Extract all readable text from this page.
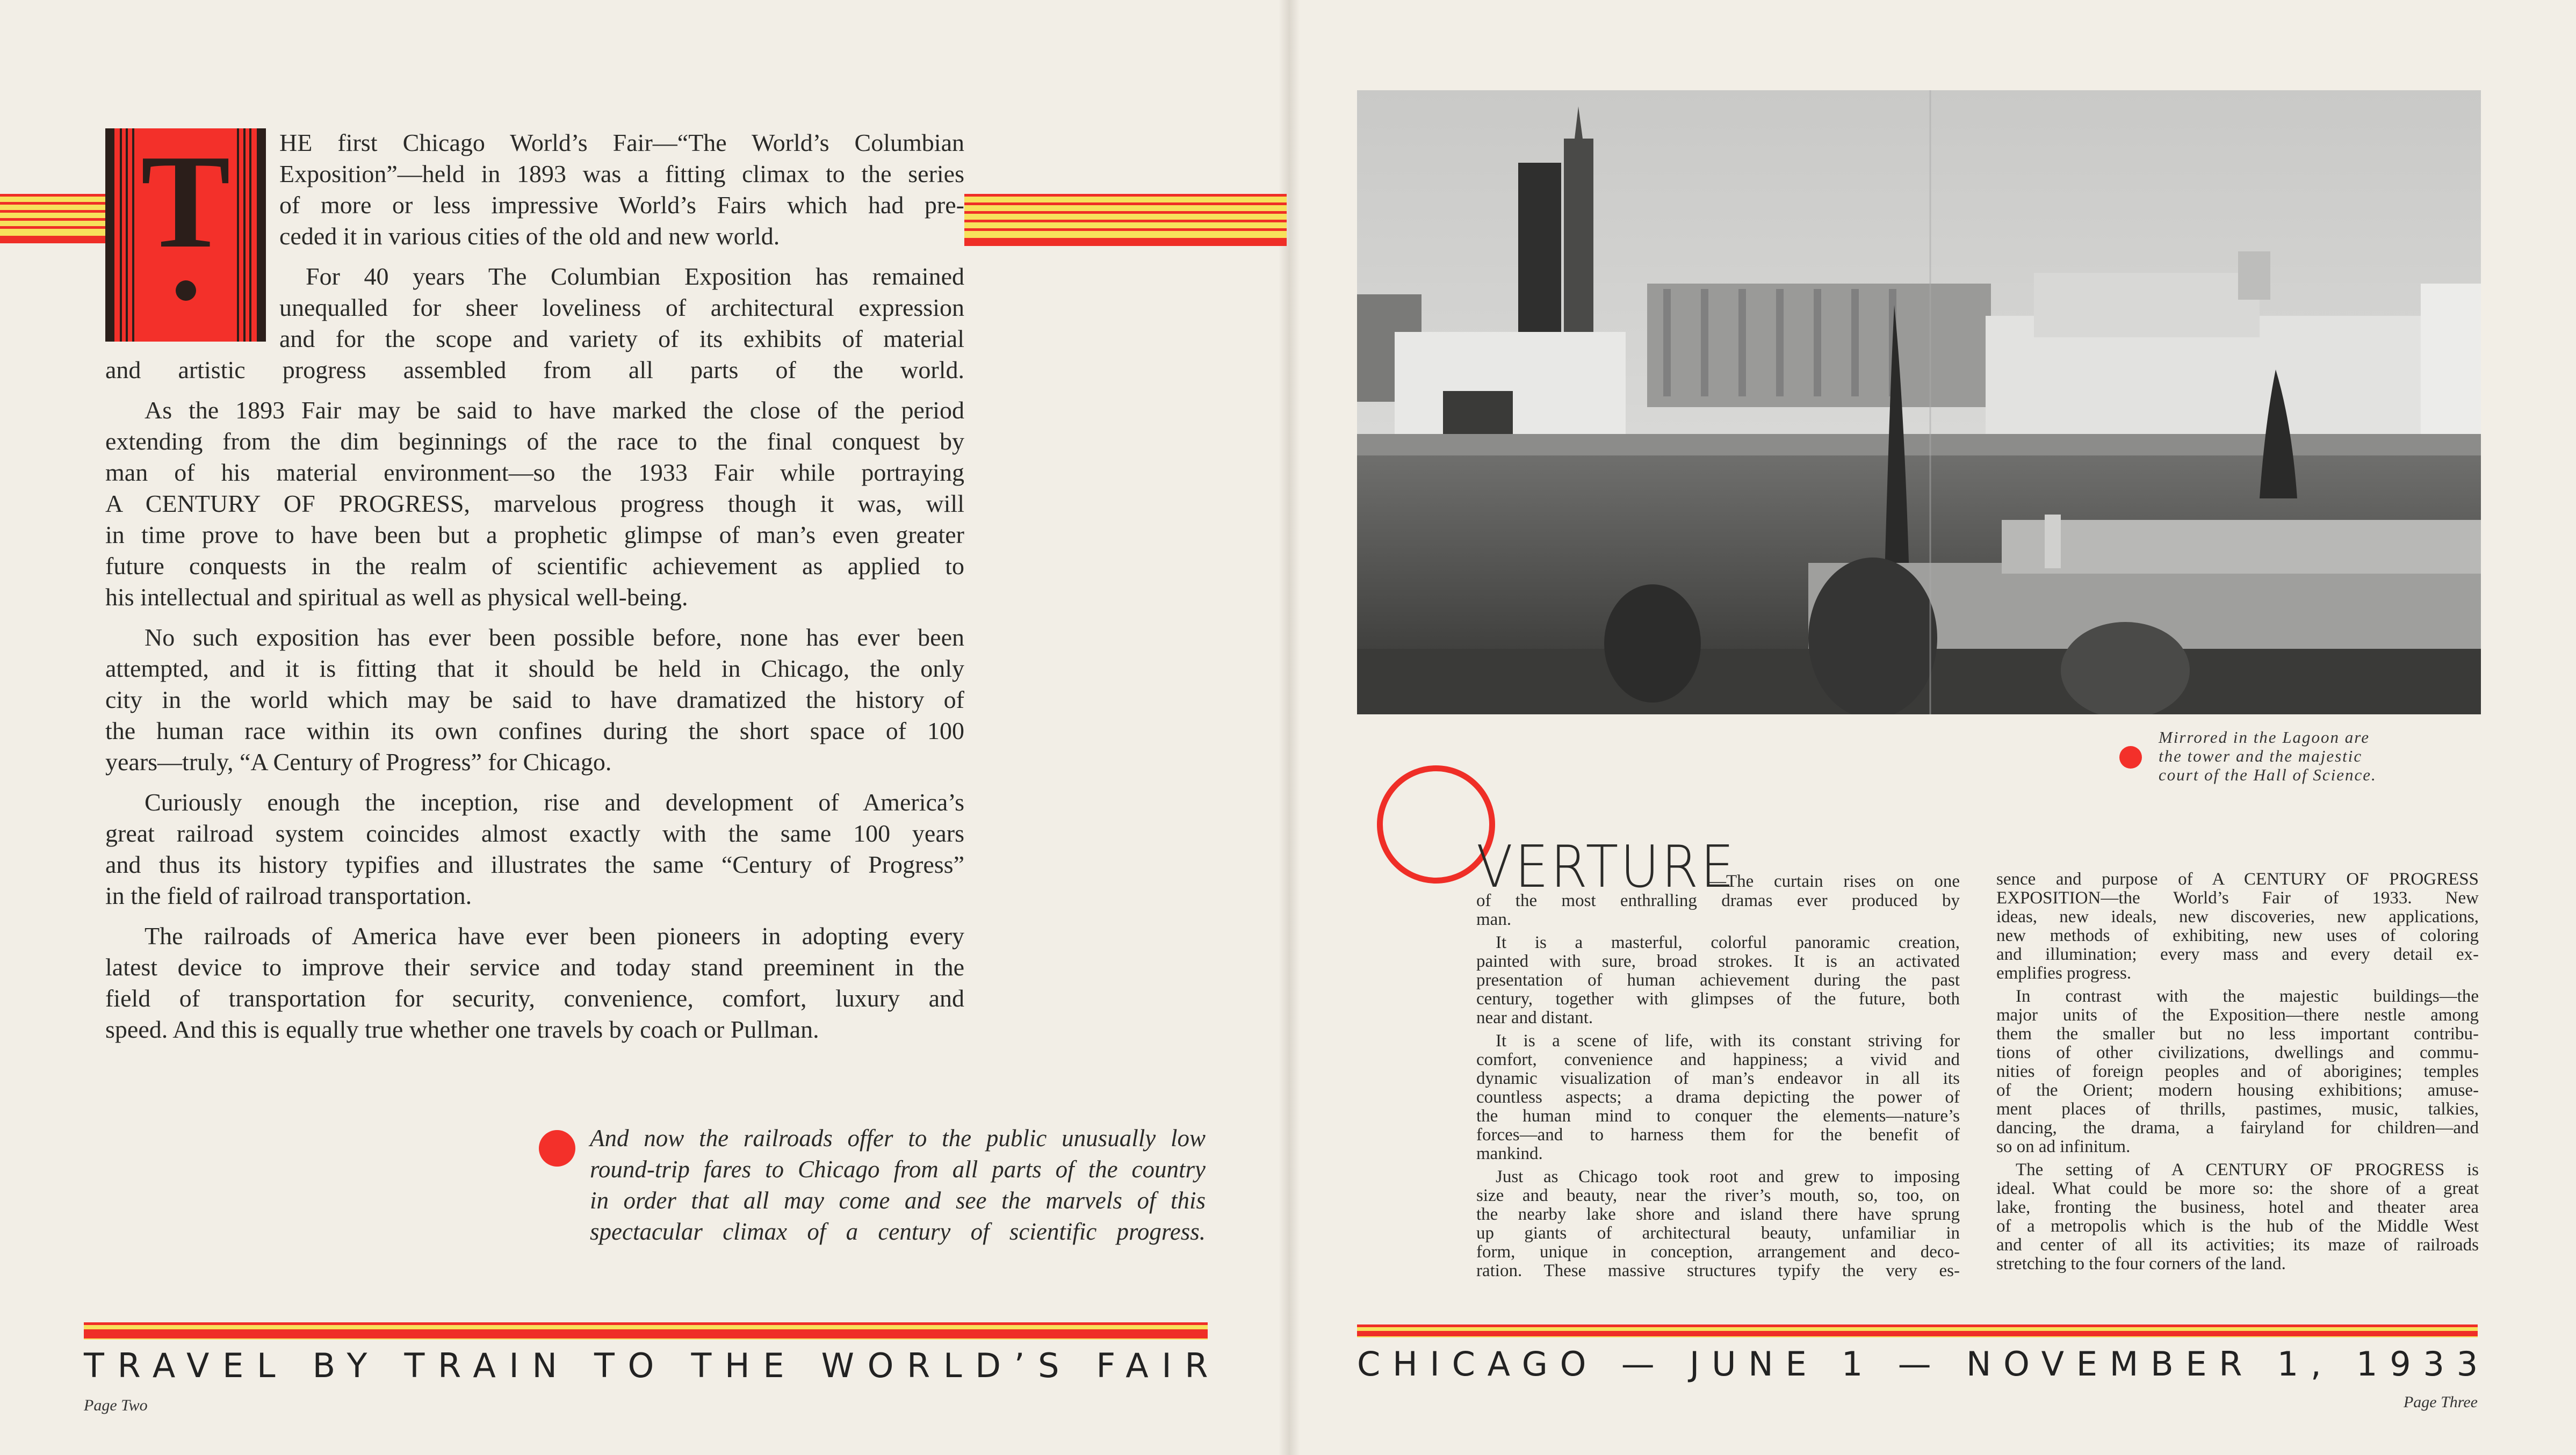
T	HE first Chicago World’s Fair—“The World’s Columbian
Exposition”—held in 1893 was a fitting climax to the series
of more or less impressive World’s Fairs which had pre-
ceded it in various cities of the old and new world.
For 40 years The Columbian Exposition has remained
unequalled for sheer loveliness of architectural expression
and for the scope and variety of its exhibits of material
and artistic progress assembled from all parts of the world.
As the 1893 Fair may be said to have marked the close of the period
extending from the dim beginnings of the race to the final conquest by
man of his material environment—so the 1933 Fair while portraying
A CENTURY OF PROGRESS, marvelous progress though it was, will
in time prove to have been but a prophetic glimpse of man’s even greater
future conquests in the realm of scientific achievement as applied to
his intellectual and spiritual as well as physical well-being.
No such exposition has ever been possible before, none has ever been
attempted, and it is fitting that it should be held in Chicago, the only
city in the world which may be said to have dramatized the history of
the human race within its own confines during the short space of 100
years—truly, “A Century of Progress” for Chicago.
Curiously enough the inception, rise and development of America’s
great railroad system coincides almost exactly with the same 100 years
and thus its history typifies and illustrates the same “Century of Progress”
in the field of railroad transportation.
The railroads of America have ever been pioneers in adopting every
latest device to improve their service and today stand preeminent in the
field of transportation for security, convenience, comfort, luxury and
speed. And this is equally true whether one travels by coach or Pullman.
And now the railroads offer to the public unusually low
round-trip fares to Chicago from all parts of the country
in order that all may come and see the marvels of this
spectacular climax of a century of scientific progress.
TRAVEL BY TRAIN TO THE WORLD’S FAIR
Page Two
Mirrored in the Lagoon are
the tower and the majestic
court of the Hall of Science.
VERTURE
—The curtain rises on one
of the most enthralling dramas ever produced by
man.
It is a masterful, colorful panoramic creation,
painted with sure, broad strokes. It is an activated
presentation of human achievement during the past
century, together with glimpses of the future, both
near and distant.
It is a scene of life, with its constant striving for
comfort, convenience and happiness; a vivid and
dynamic visualization of man’s endeavor in all its
countless aspects; a drama depicting the power of
the human mind to conquer the elements—nature’s
forces—and to harness them for the benefit of
mankind.
Just as Chicago took root and grew to imposing
size and beauty, near the river’s mouth, so, too, on
the nearby lake shore and island there have sprung
up giants of architectural beauty, unfamiliar in
form, unique in conception, arrangement and deco-
ration. These massive structures typify the very es-
sence and purpose of A CENTURY OF PROGRESS
EXPOSITION—the World’s Fair of 1933. New
ideas, new ideals, new discoveries, new applications,
new methods of exhibiting, new uses of coloring
and illumination; every mass and every detail ex-
emplifies progress.
In contrast with the majestic buildings—the
major units of the Exposition—there nestle among
them the smaller but no less important contribu-
tions of other civilizations, dwellings and commu-
nities of foreign peoples and of aborigines; temples
of the Orient; modern housing exhibitions; amuse-
ment places of thrills, pastimes, music, talkies,
dancing, the drama, a fairyland for children—and
so on ad infinitum.
The setting of A CENTURY OF PROGRESS is
ideal. What could be more so: the shore of a great
lake, fronting the business, hotel and theater area
of a metropolis which is the hub of the Middle West
and center of all its activities; its maze of railroads
stretching to the four corners of the land.
CHICAGO — JUNE 1 — NOVEMBER 1, 1933
Page Three
